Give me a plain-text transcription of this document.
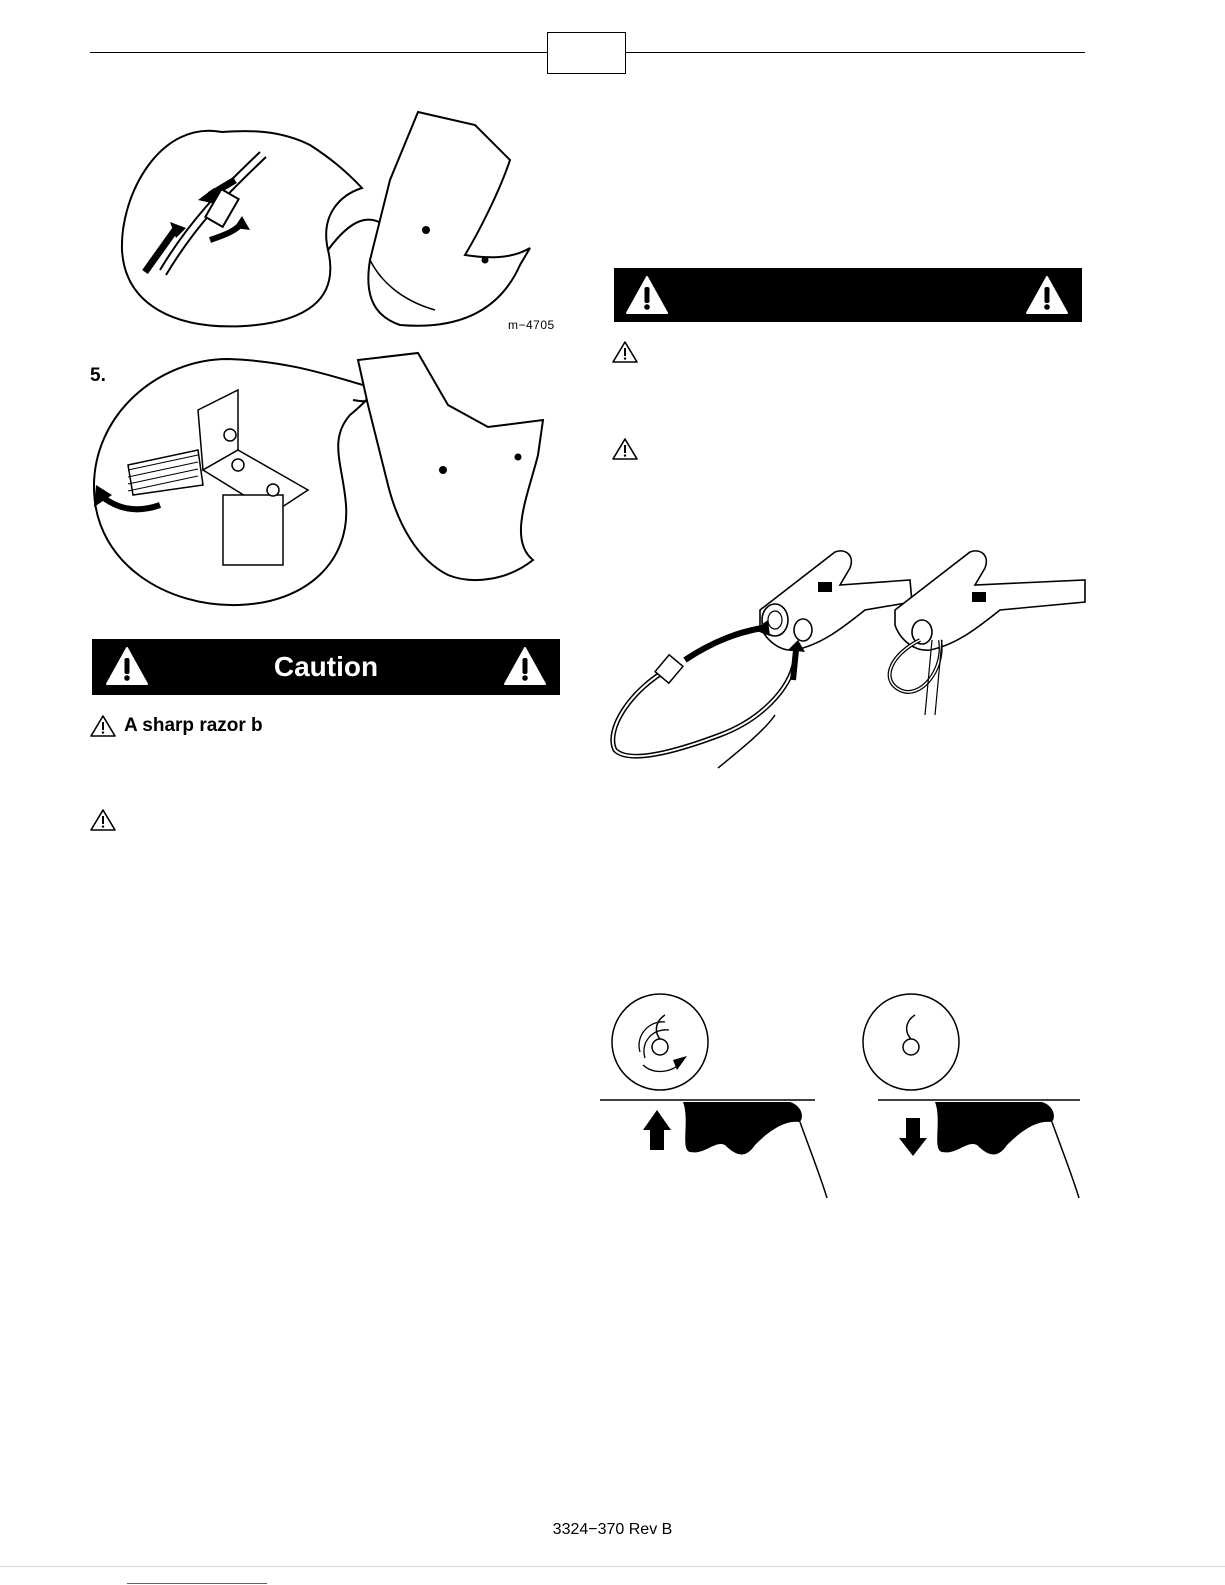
m−4705
5.
Caution
A sharp razor b
3324−370 Rev B
